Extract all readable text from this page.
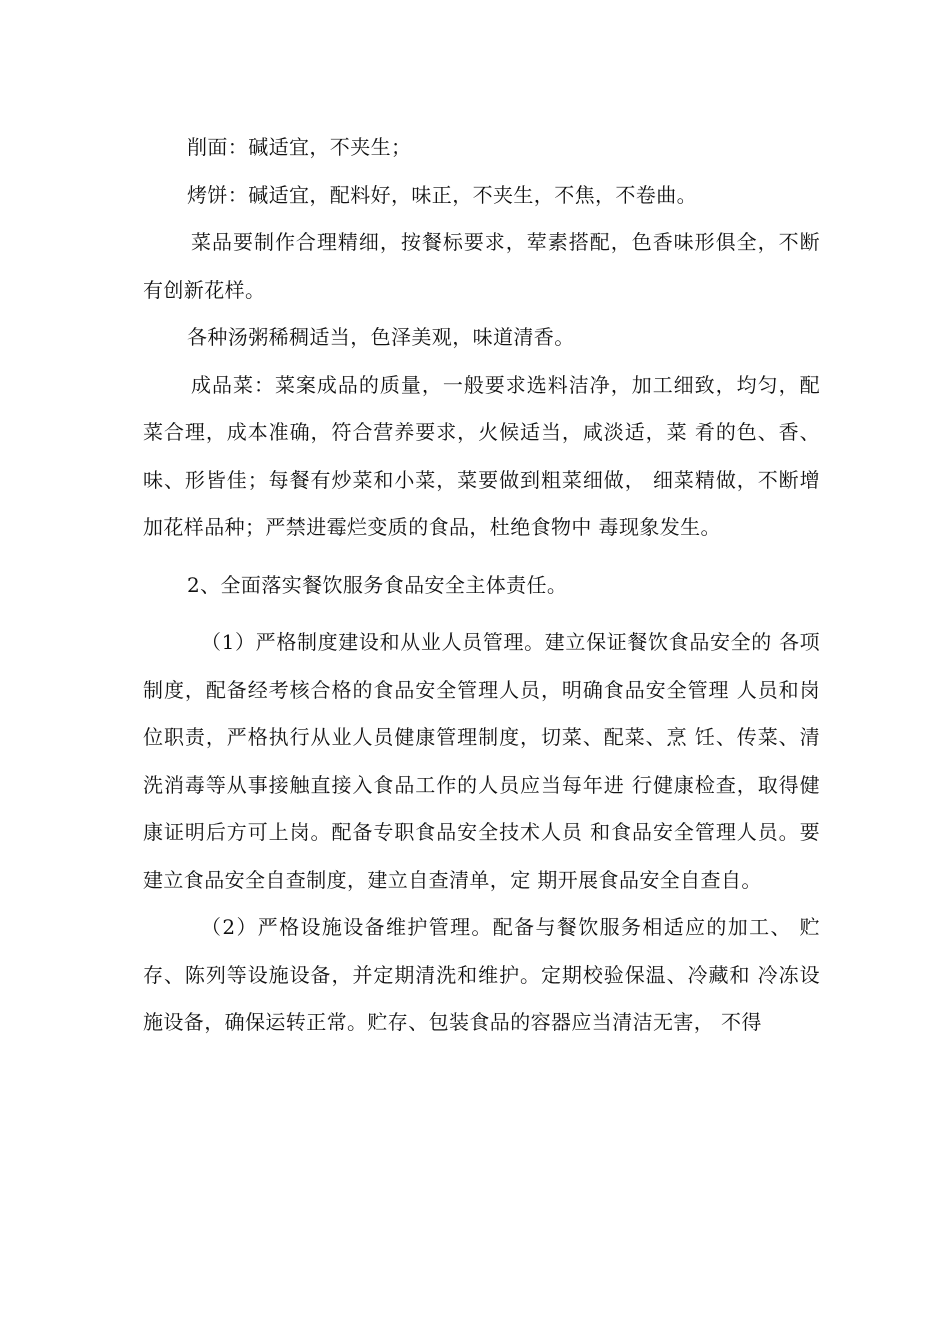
削面：碱适宜，不夹生；

烤饼：碱适宜，配料好，味正，不夹生，不焦，不卷曲。

菜品要制作合理精细，按餐标要求，荤素搭配，色香味形俱全，不断有创新花样。

各种汤粥稀稠适当，色泽美观，味道清香。

成品菜：菜案成品的质量，一般要求选料洁净，加工细致，均匀，配菜合理，成本准确，符合营养要求，火候适当，咸淡适，菜 肴的色、香、味、形皆佳；每餐有炒菜和小菜，菜要做到粗菜细做， 细菜精做，不断增加花样品种；严禁进霉烂变质的食品，杜绝食物中 毒现象发生。

2、全面落实餐饮服务食品安全主体责任。

（1）严格制度建设和从业人员管理。建立保证餐饮食品安全的 各项制度，配备经考核合格的食品安全管理人员，明确食品安全管理 人员和岗位职责，严格执行从业人员健康管理制度，切菜、配菜、烹 饪、传菜、清洗消毒等从事接触直接入食品工作的人员应当每年进 行健康检查，取得健康证明后方可上岗。配备专职食品安全技术人员 和食品安全管理人员。要建立食品安全自查制度，建立自查清单，定 期开展食品安全自查自。

（2）严格设施设备维护管理。配备与餐饮服务相适应的加工、 贮存、陈列等设施设备，并定期清洗和维护。定期校验保温、冷藏和 冷冻设施设备，确保运转正常。贮存、包装食品的容器应当清洁无害， 不得
